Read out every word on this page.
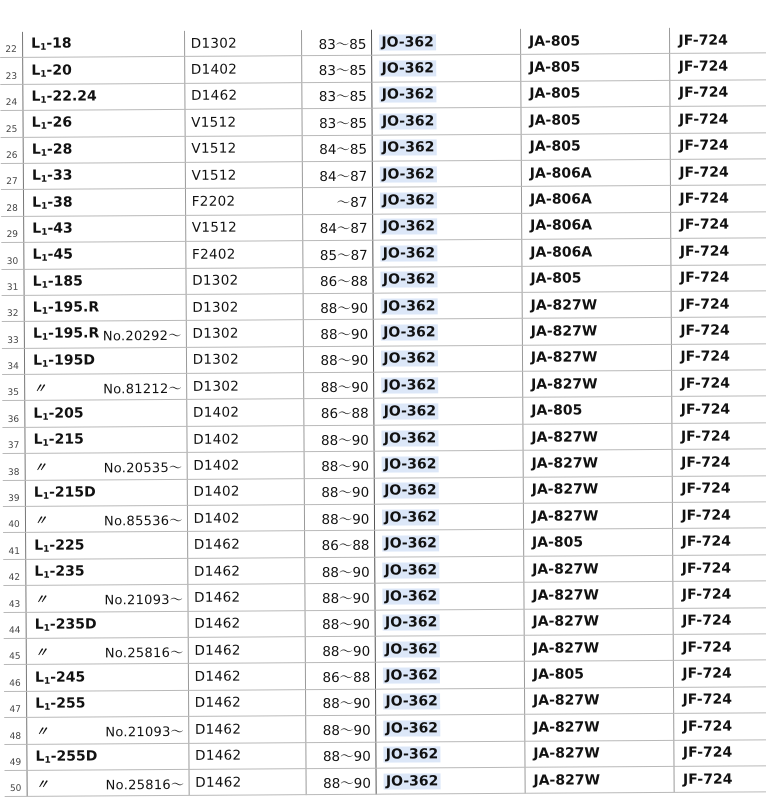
22	$L_1-18$	D1302	83～85	JO-362	JA-805	JF-724
23	$L_1-20$	D1402	83～85	JO-362	JA-805	JF-724
24	$L_1-22.24$	D1462	83～85	JO-362	JA-805	JF-724
25	$L_1-26$	V1512	83～85	JO-362	JA-805	JF-724
26	$L_1-28$	V1512	84～85	JO-362	JA-805	JF-724
27	$L_1-33$	V1512	84～87	JO-362	JA-806A	JF-724
28	$L_1-38$	F2202	～87	JO-362	JA-806A	JF-724
29	$L_1-43$	V1512	84～87	JO-362	JA-806A	JF-724
30	$L_1-45$	F2402	85～87	JO-362	JA-806A	JF-724
31	$L_1-185$	D1302	86～88	JO-362	JA-805	JF-724
32	$L_1-195.R$	D1302	88～90	JO-362	JA-827W	JF-724
33	$L_1-195.R$ No.20292～	D1302	88～90	JO-362	JA-827W	JF-724
34	$L_1-195D$	D1302	88～90	JO-362	JA-827W	JF-724
35	〃 No.81212～	D1302	88～90	JO-362	JA-827W	JF-724
36	$L_1-205$	D1402	86～88	JO-362	JA-805	JF-724
37	$L_1-215$	D1402	88～90	JO-362	JA-827W	JF-724
38	〃 No.20535～	D1402	88～90	JO-362	JA-827W	JF-724
39	$L_1-215D$	D1402	88～90	JO-362	JA-827W	JF-724
40	〃 No.85536～	D1402	88～90	JO-362	JA-827W	JF-724
41	$L_1-225$	D1462	86～88	JO-362	JA-805	JF-724
42	$L_1-235$	D1462	88～90	JO-362	JA-827W	JF-724
43	〃 No.21093～	D1462	88～90	JO-362	JA-827W	JF-724
44	$L_1-235D$	D1462	88～90	JO-362	JA-827W	JF-724
45	〃 No.25816～	D1462	88～90	JO-362	JA-827W	JF-724
46	$L_1-245$	D1462	86～88	JO-362	JA-805	JF-724
47	$L_1-255$	D1462	88～90	JO-362	JA-827W	JF-724
48	〃 No.21093～	D1462	88～90	JO-362	JA-827W	JF-724
49	$L_1-255D$	D1462	88～90	JO-362	JA-827W	JF-724
50	〃 No.25816～	D1462	88～90	JO-362	JA-827W	JF-724
